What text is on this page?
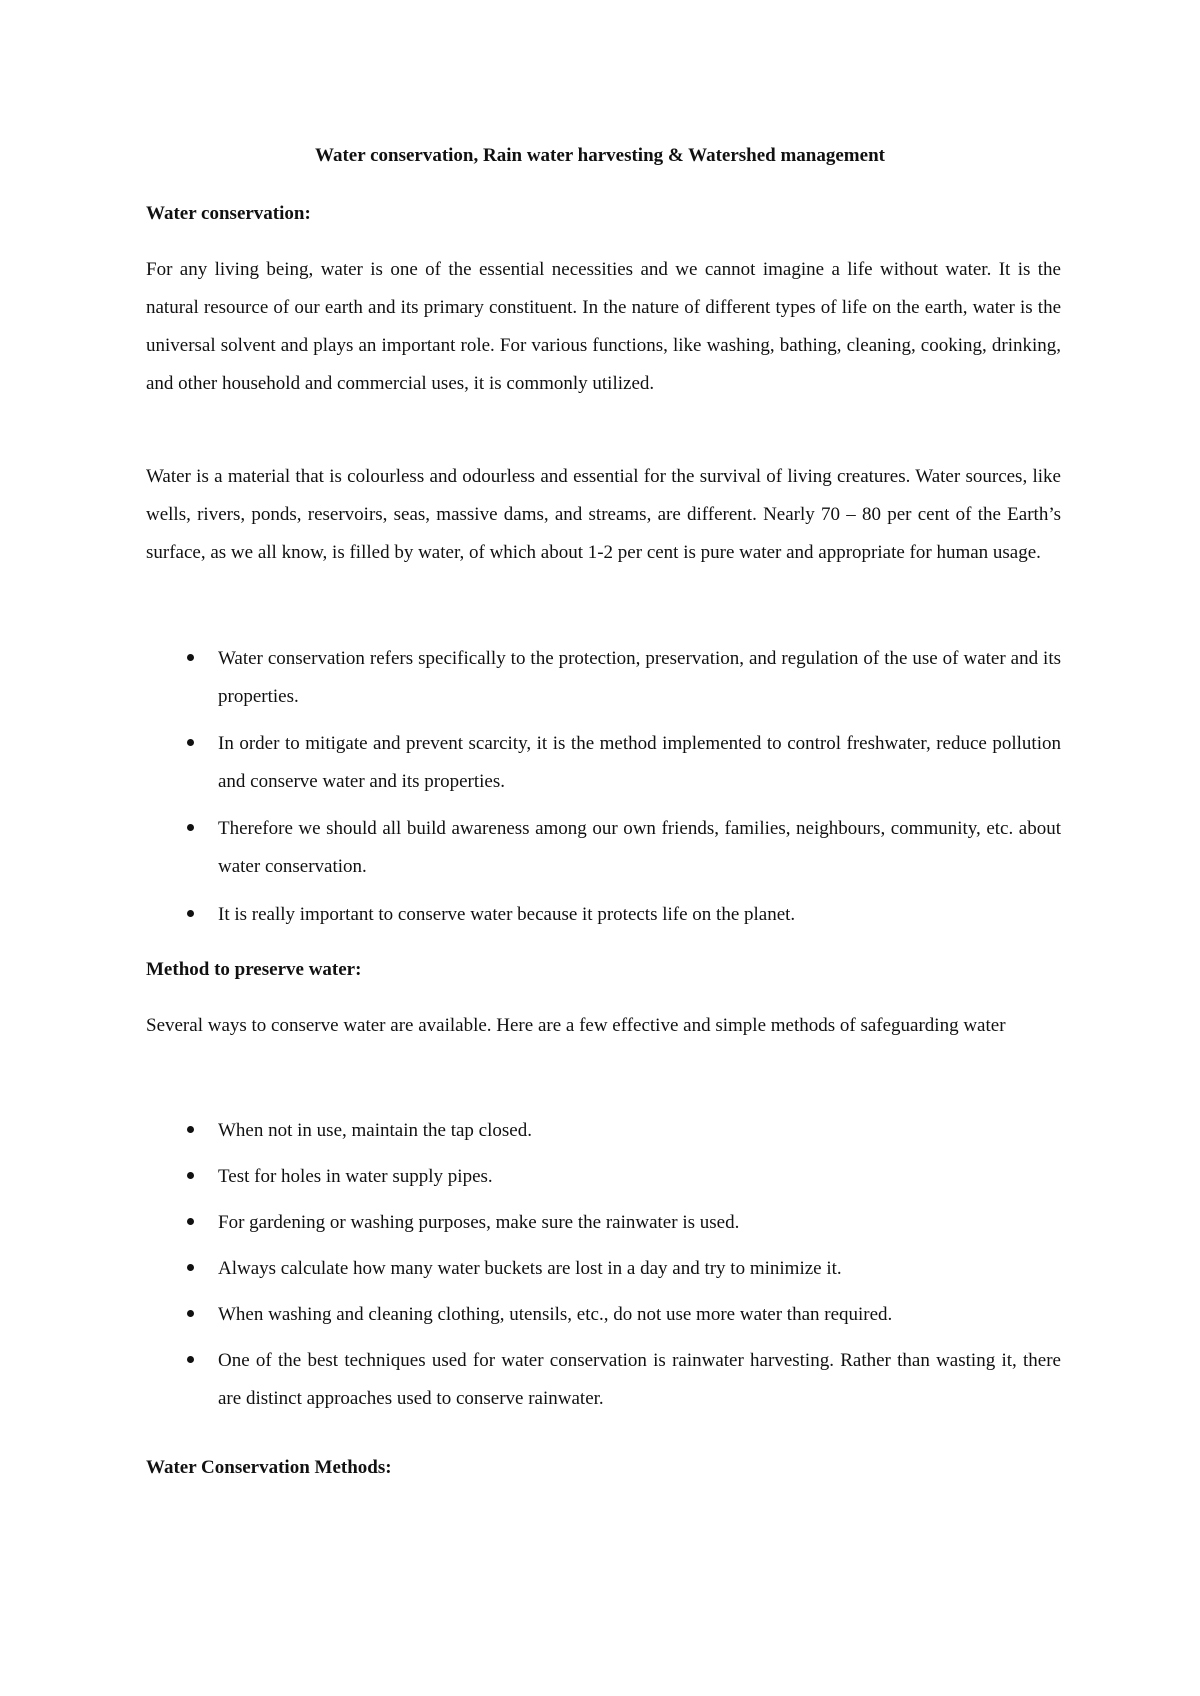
Water conservation, Rain water harvesting & Watershed management
Water conservation:

For any living being, water is one of the essential necessities and we cannot imagine a life without water. It is the natural resource of our earth and its primary constituent. In the nature of different types of life on the earth, water is the universal solvent and plays an important role. For various functions, like washing, bathing, cleaning, cooking, drinking, and other household and commercial uses, it is commonly utilized.

Water is a material that is colourless and odourless and essential for the survival of living creatures. Water sources, like wells, rivers, ponds, reservoirs, seas, massive dams, and streams, are different. Nearly 70 – 80 per cent of the Earth’s surface, as we all know, is filled by water, of which about 1-2 per cent is pure water and appropriate for human usage.

Water conservation refers specifically to the protection, preservation, and regulation of the use of water and its properties.

In order to mitigate and prevent scarcity, it is the method implemented to control freshwater, reduce pollution and conserve water and its properties.

Therefore we should all build awareness among our own friends, families, neighbours, community, etc. about water conservation.

It is really important to conserve water because it protects life on the planet.

Method to preserve water:

Several ways to conserve water are available. Here are a few effective and simple methods of safeguarding water

When not in use, maintain the tap closed.

Test for holes in water supply pipes.

For gardening or washing purposes, make sure the rainwater is used.

Always calculate how many water buckets are lost in a day and try to minimize it.

When washing and cleaning clothing, utensils, etc., do not use more water than required.

One of the best techniques used for water conservation is rainwater harvesting. Rather than wasting it, there are distinct approaches used to conserve rainwater.

Water Conservation Methods:
